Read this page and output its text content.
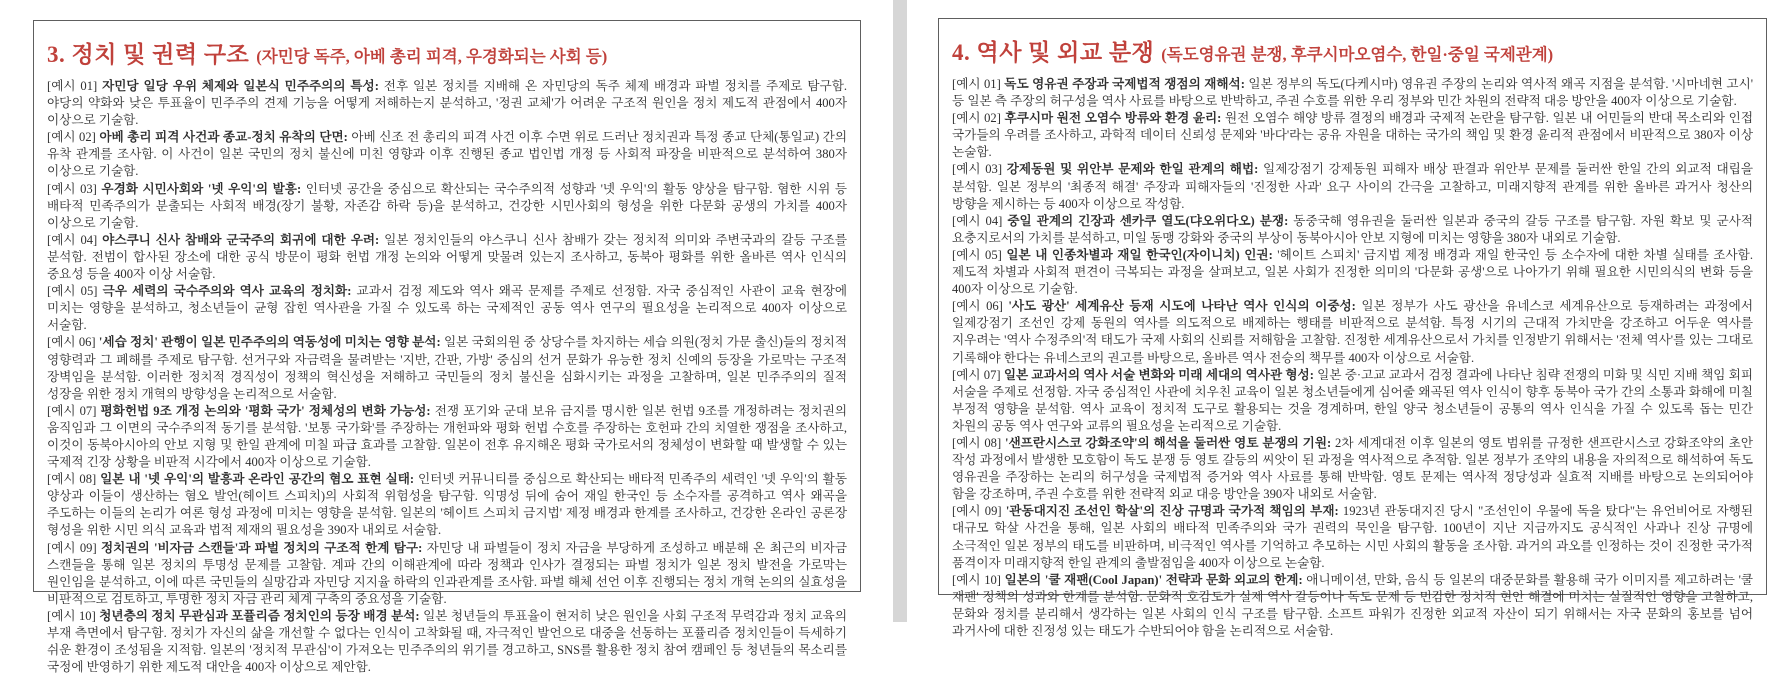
3. 정치 및 권력 구조 (자민당 독주, 아베 총리 피격, 우경화되는 사회 등)

[예시 01] 자민당 일당 우위 체제와 일본식 민주주의의 특성: 전후 일본 정치를 지배해 온 자민당의 독주 체제 배경과 파벌 정치를 주제로 탐구함. 야당의 약화와 낮은 투표율이 민주주의 견제 기능을 어떻게 저해하는지 분석하고, '정권 교체'가 어려운 구조적 원인을 정치 제도적 관점에서 400자 이상으로 기술함.

[예시 02] 아베 총리 피격 사건과 종교-정치 유착의 단면: 아베 신조 전 총리의 피격 사건 이후 수면 위로 드러난 정치권과 특정 종교 단체(통일교) 간의 유착 관계를 조사함. 이 사건이 일본 국민의 정치 불신에 미친 영향과 이후 진행된 종교 법인법 개정 등 사회적 파장을 비판적으로 분석하여 380자 이상으로 기술함.

[예시 03] 우경화 시민사회와 '넷 우익'의 발흥: 인터넷 공간을 중심으로 확산되는 국수주의적 성향과 '넷 우익'의 활동 양상을 탐구함. 혐한 시위 등 배타적 민족주의가 분출되는 사회적 배경(장기 불황, 자존감 하락 등)을 분석하고, 건강한 시민사회의 형성을 위한 다문화 공생의 가치를 400자 이상으로 기술함.

[예시 04] 야스쿠니 신사 참배와 군국주의 회귀에 대한 우려: 일본 정치인들의 야스쿠니 신사 참배가 갖는 정치적 의미와 주변국과의 갈등 구조를 분석함. 전범이 합사된 장소에 대한 공식 방문이 평화 헌법 개정 논의와 어떻게 맞물려 있는지 조사하고, 동북아 평화를 위한 올바른 역사 인식의 중요성 등을 400자 이상 서술함.

[예시 05] 극우 세력의 국수주의와 역사 교육의 정치화: 교과서 검정 제도와 역사 왜곡 문제를 주제로 선정함. 자국 중심적인 사관이 교육 현장에 미치는 영향을 분석하고, 청소년들이 균형 잡힌 역사관을 가질 수 있도록 하는 국제적인 공동 역사 연구의 필요성을 논리적으로 400자 이상으로 서술함.

[예시 06] '세습 정치' 관행이 일본 민주주의의 역동성에 미치는 영향 분석: 일본 국회의원 중 상당수를 차지하는 세습 의원(정치 가문 출신)들의 정치적 영향력과 그 폐해를 주제로 탐구함. 선거구와 자금력을 물려받는 '지반, 간판, 가방' 중심의 선거 문화가 유능한 정치 신예의 등장을 가로막는 구조적 장벽임을 분석함. 이러한 정치적 경직성이 정책의 혁신성을 저해하고 국민들의 정치 불신을 심화시키는 과정을 고찰하며, 일본 민주주의의 질적 성장을 위한 정치 개혁의 방향성을 논리적으로 서술함.

[예시 07] 평화헌법 9조 개정 논의와 '평화 국가' 정체성의 변화 가능성: 전쟁 포기와 군대 보유 금지를 명시한 일본 헌법 9조를 개정하려는 정치권의 움직임과 그 이면의 국수주의적 동기를 분석함. '보통 국가화'를 주장하는 개헌파와 평화 헌법 수호를 주장하는 호헌파 간의 치열한 쟁점을 조사하고, 이것이 동북아시아의 안보 지형 및 한일 관계에 미칠 파급 효과를 고찰함. 일본이 전후 유지해온 평화 국가로서의 정체성이 변화할 때 발생할 수 있는 국제적 긴장 상황을 비판적 시각에서 400자 이상으로 기술함.

[예시 08] 일본 내 '넷 우익'의 발흥과 온라인 공간의 혐오 표현 실태: 인터넷 커뮤니티를 중심으로 확산되는 배타적 민족주의 세력인 '넷 우익'의 활동 양상과 이들이 생산하는 혐오 발언(헤이트 스피치)의 사회적 위험성을 탐구함. 익명성 뒤에 숨어 재일 한국인 등 소수자를 공격하고 역사 왜곡을 주도하는 이들의 논리가 여론 형성 과정에 미치는 영향을 분석함. 일본의 '헤이트 스피치 금지법' 제정 배경과 한계를 조사하고, 건강한 온라인 공론장 형성을 위한 시민 의식 교육과 법적 제재의 필요성을 390자 내외로 서술함.

[예시 09] 정치권의 '비자금 스캔들'과 파벌 정치의 구조적 한계 탐구: 자민당 내 파벌들이 정치 자금을 부당하게 조성하고 배분해 온 최근의 비자금 스캔들을 통해 일본 정치의 투명성 문제를 고찰함. 계파 간의 이해관계에 따라 정책과 인사가 결정되는 파벌 정치가 일본 정치 발전을 가로막는 원인임을 분석하고, 이에 따른 국민들의 실망감과 자민당 지지율 하락의 인과관계를 조사함. 파벌 해체 선언 이후 진행되는 정치 개혁 논의의 실효성을 비판적으로 검토하고, 투명한 정치 자금 관리 체계 구축의 중요성을 기술함.

[예시 10] 청년층의 정치 무관심과 포퓰리즘 정치인의 등장 배경 분석: 일본 청년들의 투표율이 현저히 낮은 원인을 사회 구조적 무력감과 정치 교육의 부재 측면에서 탐구함. 정치가 자신의 삶을 개선할 수 없다는 인식이 고착화될 때, 자극적인 발언으로 대중을 선동하는 포퓰리즘 정치인들이 득세하기 쉬운 환경이 조성됨을 지적함. 일본의 '정치적 무관심'이 가져오는 민주주의의 위기를 경고하고, SNS를 활용한 정치 참여 캠페인 등 청년들의 목소리를 국정에 반영하기 위한 제도적 대안을 400자 이상으로 제안함.

4. 역사 및 외교 분쟁 (독도영유권 분쟁, 후쿠시마오염수, 한일·중일 국제관계)

[예시 01] 독도 영유권 주장과 국제법적 쟁점의 재해석: 일본 정부의 독도(다케시마) 영유권 주장의 논리와 역사적 왜곡 지점을 분석함. '시마네현 고시' 등 일본 측 주장의 허구성을 역사 사료를 바탕으로 반박하고, 주권 수호를 위한 우리 정부와 민간 차원의 전략적 대응 방안을 400자 이상으로 기술함.

[예시 02] 후쿠시마 원전 오염수 방류와 환경 윤리: 원전 오염수 해양 방류 결정의 배경과 국제적 논란을 탐구함. 일본 내 어민들의 반대 목소리와 인접 국가들의 우려를 조사하고, 과학적 데이터 신뢰성 문제와 '바다'라는 공유 자원을 대하는 국가의 책임 및 환경 윤리적 관점에서 비판적으로 380자 이상 논술함.

[예시 03] 강제동원 및 위안부 문제와 한일 관계의 해법: 일제강점기 강제동원 피해자 배상 판결과 위안부 문제를 둘러싼 한일 간의 외교적 대립을 분석함. 일본 정부의 '최종적 해결' 주장과 피해자들의 '진정한 사과' 요구 사이의 간극을 고찰하고, 미래지향적 관계를 위한 올바른 과거사 청산의 방향을 제시하는 등 400자 이상으로 작성함.

[예시 04] 중일 관계의 긴장과 센카쿠 열도(댜오위다오) 분쟁: 동중국해 영유권을 둘러싼 일본과 중국의 갈등 구조를 탐구함. 자원 확보 및 군사적 요충지로서의 가치를 분석하고, 미일 동맹 강화와 중국의 부상이 동북아시아 안보 지형에 미치는 영향을 380자 내외로 기술함.

[예시 05] 일본 내 인종차별과 재일 한국인(자이니치) 인권: '헤이트 스피치' 금지법 제정 배경과 재일 한국인 등 소수자에 대한 차별 실태를 조사함. 제도적 차별과 사회적 편견이 극복되는 과정을 살펴보고, 일본 사회가 진정한 의미의 '다문화 공생'으로 나아가기 위해 필요한 시민의식의 변화 등을 400자 이상으로 기술함.

[예시 06] '사도 광산' 세계유산 등재 시도에 나타난 역사 인식의 이중성: 일본 정부가 사도 광산을 유네스코 세계유산으로 등재하려는 과정에서 일제강점기 조선인 강제 동원의 역사를 의도적으로 배제하는 행태를 비판적으로 분석함. 특정 시기의 근대적 가치만을 강조하고 어두운 역사를 지우려는 '역사 수정주의'적 태도가 국제 사회의 신뢰를 저해함을 고찰함. 진정한 세계유산으로서 가치를 인정받기 위해서는 '전체 역사'를 있는 그대로 기록해야 한다는 유네스코의 권고를 바탕으로, 올바른 역사 전승의 책무를 400자 이상으로 서술함.

[예시 07] 일본 교과서의 역사 서술 변화와 미래 세대의 역사관 형성: 일본 중·고교 교과서 검정 결과에 나타난 침략 전쟁의 미화 및 식민 지배 책임 회피 서술을 주제로 선정함. 자국 중심적인 사관에 치우친 교육이 일본 청소년들에게 심어줄 왜곡된 역사 인식이 향후 동북아 국가 간의 소통과 화해에 미칠 부정적 영향을 분석함. 역사 교육이 정치적 도구로 활용되는 것을 경계하며, 한일 양국 청소년들이 공통의 역사 인식을 가질 수 있도록 돕는 민간 차원의 공동 역사 연구와 교류의 필요성을 논리적으로 기술함.

[예시 08] '샌프란시스코 강화조약'의 해석을 둘러싼 영토 분쟁의 기원: 2차 세계대전 이후 일본의 영토 범위를 규정한 샌프란시스코 강화조약의 초안 작성 과정에서 발생한 모호함이 독도 분쟁 등 영토 갈등의 씨앗이 된 과정을 역사적으로 추적함. 일본 정부가 조약의 내용을 자의적으로 해석하여 독도 영유권을 주장하는 논리의 허구성을 국제법적 증거와 역사 사료를 통해 반박함. 영토 문제는 역사적 정당성과 실효적 지배를 바탕으로 논의되어야 함을 강조하며, 주권 수호를 위한 전략적 외교 대응 방안을 390자 내외로 서술함.

[예시 09] '관동대지진 조선인 학살'의 진상 규명과 국가적 책임의 부재: 1923년 관동대지진 당시 "조선인이 우물에 독을 탔다"는 유언비어로 자행된 대규모 학살 사건을 통해, 일본 사회의 배타적 민족주의와 국가 권력의 묵인을 탐구함. 100년이 지난 지금까지도 공식적인 사과나 진상 규명에 소극적인 일본 정부의 태도를 비판하며, 비극적인 역사를 기억하고 추모하는 시민 사회의 활동을 조사함. 과거의 과오를 인정하는 것이 진정한 국가적 품격이자 미래지향적 한일 관계의 출발점임을 400자 이상으로 논술함.

[예시 10] 일본의 '쿨 재팬(Cool Japan)' 전략과 문화 외교의 한계: 애니메이션, 만화, 음식 등 일본의 대중문화를 활용해 국가 이미지를 제고하려는 '쿨 재팬' 정책의 성과와 한계를 분석함. 문화적 호감도가 실제 역사 갈등이나 독도 문제 등 민감한 정치적 현안 해결에 미치는 실질적인 영향을 고찰하고, 문화와 정치를 분리해서 생각하는 일본 사회의 인식 구조를 탐구함. 소프트 파워가 진정한 외교적 자산이 되기 위해서는 자국 문화의 홍보를 넘어 과거사에 대한 진정성 있는 태도가 수반되어야 함을 논리적으로 서술함.
